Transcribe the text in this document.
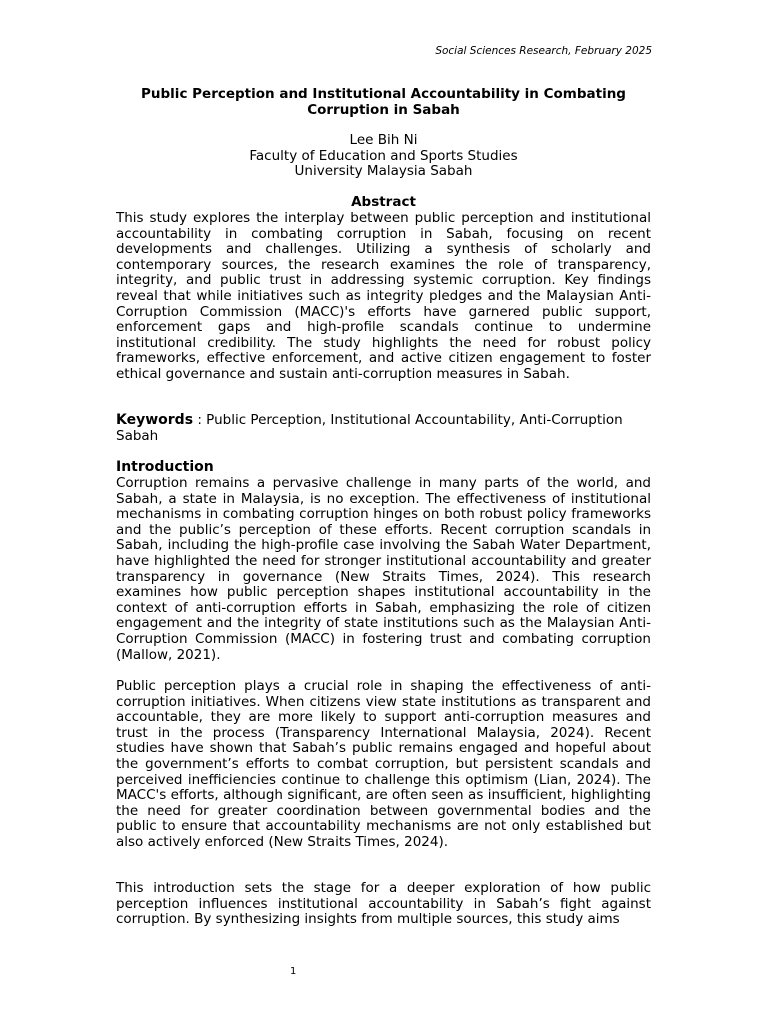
Social Sciences Research, February 2025
Public Perception and Institutional Accountability in Combating Corruption in Sabah
Lee Bih Ni
Faculty of Education and Sports Studies
University Malaysia Sabah
Abstract

This study explores the interplay between public perception and institutional accountability in combating corruption in Sabah, focusing on recent developments and challenges. Utilizing a synthesis of scholarly and contemporary sources, the research examines the role of transparency, integrity, and public trust in addressing systemic corruption. Key findings reveal that while initiatives such as integrity pledges and the Malaysian Anti-Corruption Commission (MACC)'s efforts have garnered public support, enforcement gaps and high-profile scandals continue to undermine institutional credibility. The study highlights the need for robust policy frameworks, effective enforcement, and active citizen engagement to foster ethical governance and sustain anti-corruption measures in Sabah.

Keywords : Public Perception, Institutional Accountability, Anti-Corruption Sabah

Introduction

Corruption remains a pervasive challenge in many parts of the world, and Sabah, a state in Malaysia, is no exception. The effectiveness of institutional mechanisms in combating corruption hinges on both robust policy frameworks and the public’s perception of these efforts. Recent corruption scandals in Sabah, including the high-profile case involving the Sabah Water Department, have highlighted the need for stronger institutional accountability and greater transparency in governance (New Straits Times, 2024). This research examines how public perception shapes institutional accountability in the context of anti-corruption efforts in Sabah, emphasizing the role of citizen engagement and the integrity of state institutions such as the Malaysian Anti-Corruption Commission (MACC) in fostering trust and combating corruption (Mallow, 2021).

Public perception plays a crucial role in shaping the effectiveness of anti-corruption initiatives. When citizens view state institutions as transparent and accountable, they are more likely to support anti-corruption measures and trust in the process (Transparency International Malaysia, 2024). Recent studies have shown that Sabah’s public remains engaged and hopeful about the government’s efforts to combat corruption, but persistent scandals and perceived inefficiencies continue to challenge this optimism (Lian, 2024). The MACC's efforts, although significant, are often seen as insufficient, highlighting the need for greater coordination between governmental bodies and the public to ensure that accountability mechanisms are not only established but also actively enforced (New Straits Times, 2024).

This introduction sets the stage for a deeper exploration of how public perception influences institutional accountability in Sabah’s fight against corruption. By synthesizing insights from multiple sources, this study aims

1
